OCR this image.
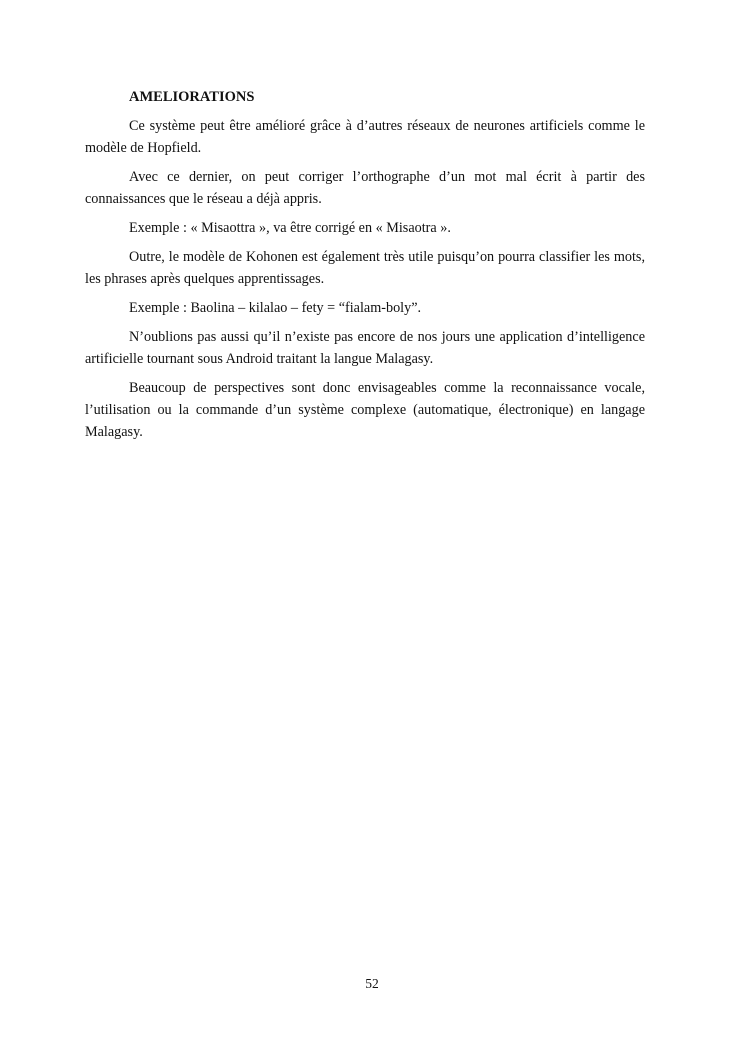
AMELIORATIONS

Ce système peut être amélioré grâce à d’autres réseaux de neurones artificiels comme le modèle de Hopfield.

Avec ce dernier, on peut corriger l’orthographe d’un mot mal écrit à partir des connaissances que le réseau a déjà appris.

Exemple : « Misaottra », va être corrigé en « Misaotra ».

Outre, le modèle de Kohonen est également très utile puisqu’on pourra classifier les mots, les phrases après quelques apprentissages.

Exemple : Baolina – kilalao – fety = “fialam-boly”.

N’oublions pas aussi qu’il n’existe pas encore de nos jours une application d’intelligence artificielle tournant sous Android traitant la langue Malagasy.

Beaucoup de perspectives sont donc envisageables comme la reconnaissance vocale, l’utilisation ou la commande d’un système complexe (automatique, électronique) en langage Malagasy.

52
